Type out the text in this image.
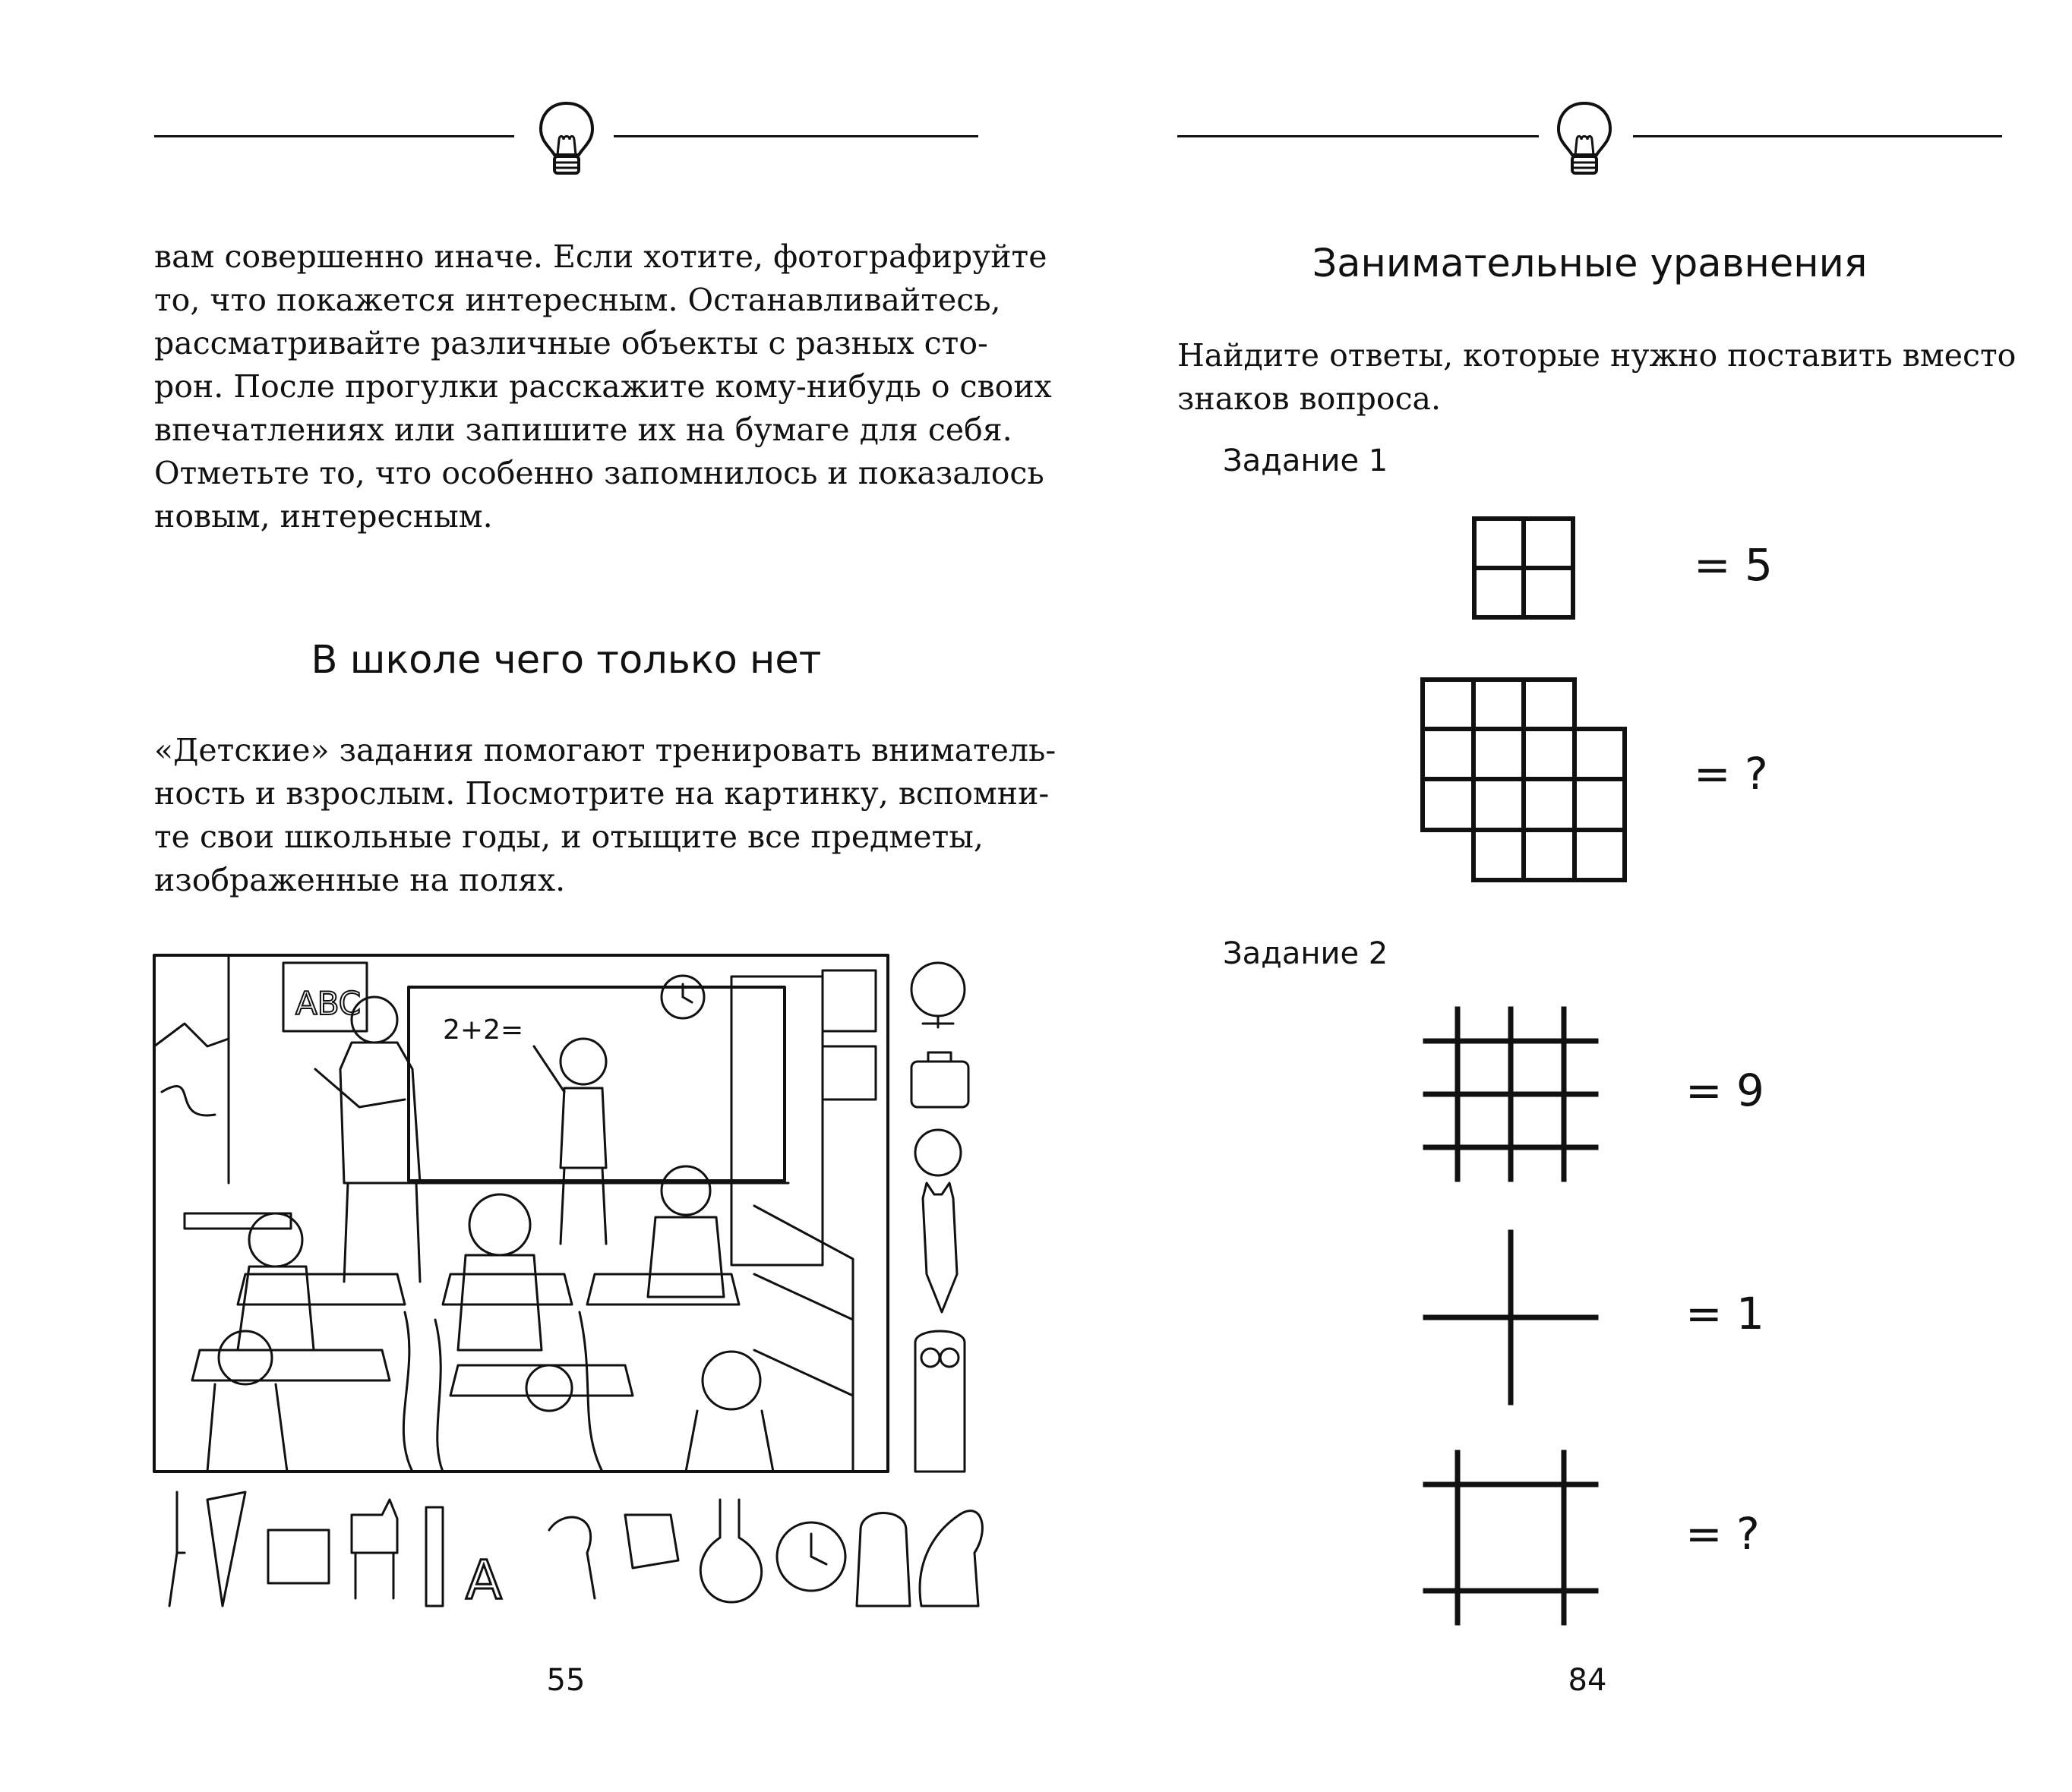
вам совершенно иначе. Если хотите, фотографируйте
то, что покажется интересным. Останавливайтесь,
рассматривайте различные объекты с разных сто-
рон. После прогулки расскажите кому-нибудь о своих
впечатлениях или запишите их на бумаге для себя.
Отметьте то, что особенно запомнилось и показалось
новым, интересным.
В школе чего только нет
«Детские» задания помогают тренировать вниматель-
ность и взрослым. Посмотрите на картинку, вспомни-
те свои школьные годы, и отыщите все предметы,
изображенные на полях.
ABC
2+2=
A
55
Занимательные уравнения
Найдите ответы, которые нужно поставить вместо
знаков вопроса.
Задание 1
= 5
= ?
Задание 2
= 9
= 1
= ?
84
